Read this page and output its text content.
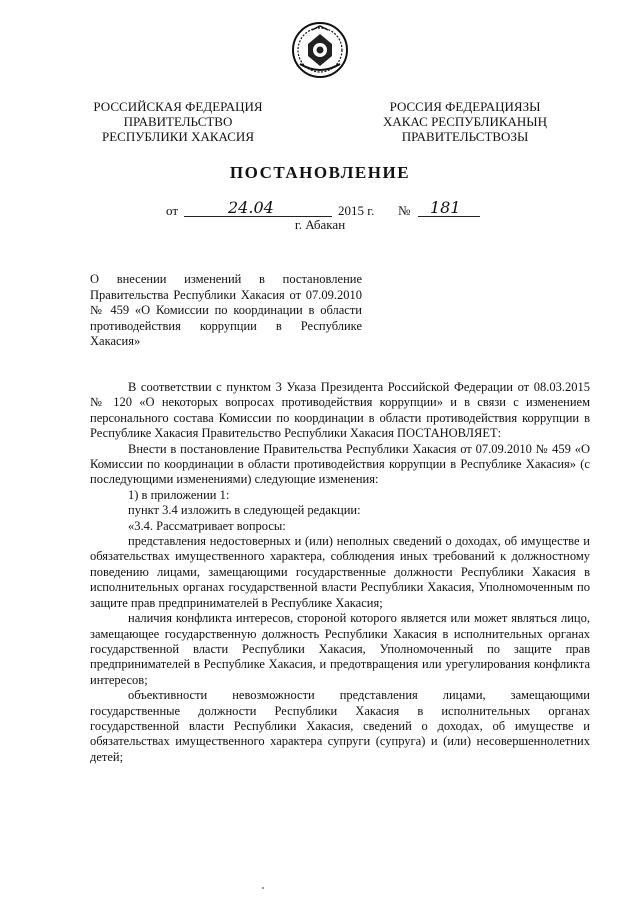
РОССИЙСКАЯ ФЕДЕРАЦИЯ
ПРАВИТЕЛЬСТВО
РЕСПУБЛИКИ ХАКАСИЯ
РОССИЯ ФЕДЕРАЦИЯЗЫ
ХАКАС РЕСПУБЛИКАНЫҢ
ПРАВИТЕЛЬСТВОЗЫ
ПОСТАНОВЛЕНИЕ
от	24.04	2015 г. № 181
г. Абакан
О внесении изменений в постановление Правительства Республики Хакасия от 07.09.2010 № 459 «О Комиссии по координации в области противодействия коррупции в Республике Хакасия»

В соответствии с пунктом 3 Указа Президента Российской Федерации от 08.03.2015 № 120 «О некоторых вопросах противодействия коррупции» и в связи с изменением персонального состава Комиссии по координации в области противодействия коррупции в Республике Хакасия Правительство Республики Хакасия ПОСТАНОВЛЯЕТ:

Внести в постановление Правительства Республики Хакасия от 07.09.2010 № 459 «О Комиссии по координации в области противодействия коррупции в Республике Хакасия» (с последующими изменениями) следующие изменения:

1) в приложении 1:

пункт 3.4 изложить в следующей редакции:

«3.4. Рассматривает вопросы:

представления недостоверных и (или) неполных сведений о доходах, об имуществе и обязательствах имущественного характера, соблюдения иных требований к должностному поведению лицами, замещающими государственные должности Республики Хакасия в исполнительных органах государственной власти Республики Хакасия, Уполномоченным по защите прав предпринимателей в Республике Хакасия;

наличия конфликта интересов, стороной которого является или может являться лицо, замещающее государственную должность Республики Хакасия в исполнительных органах государственной власти Республики Хакасия, Уполномоченный по защите прав предпринимателей в Республике Хакасия, и предотвращения или урегулирования конфликта интересов;

объективности невозможности представления лицами, замещающими государственные должности Республики Хакасия в исполнительных органах государственной власти Республики Хакасия, сведений о доходах, об имуществе и обязательствах имущественного характера супруги (супруга) и (или) несовершеннолетних детей;
